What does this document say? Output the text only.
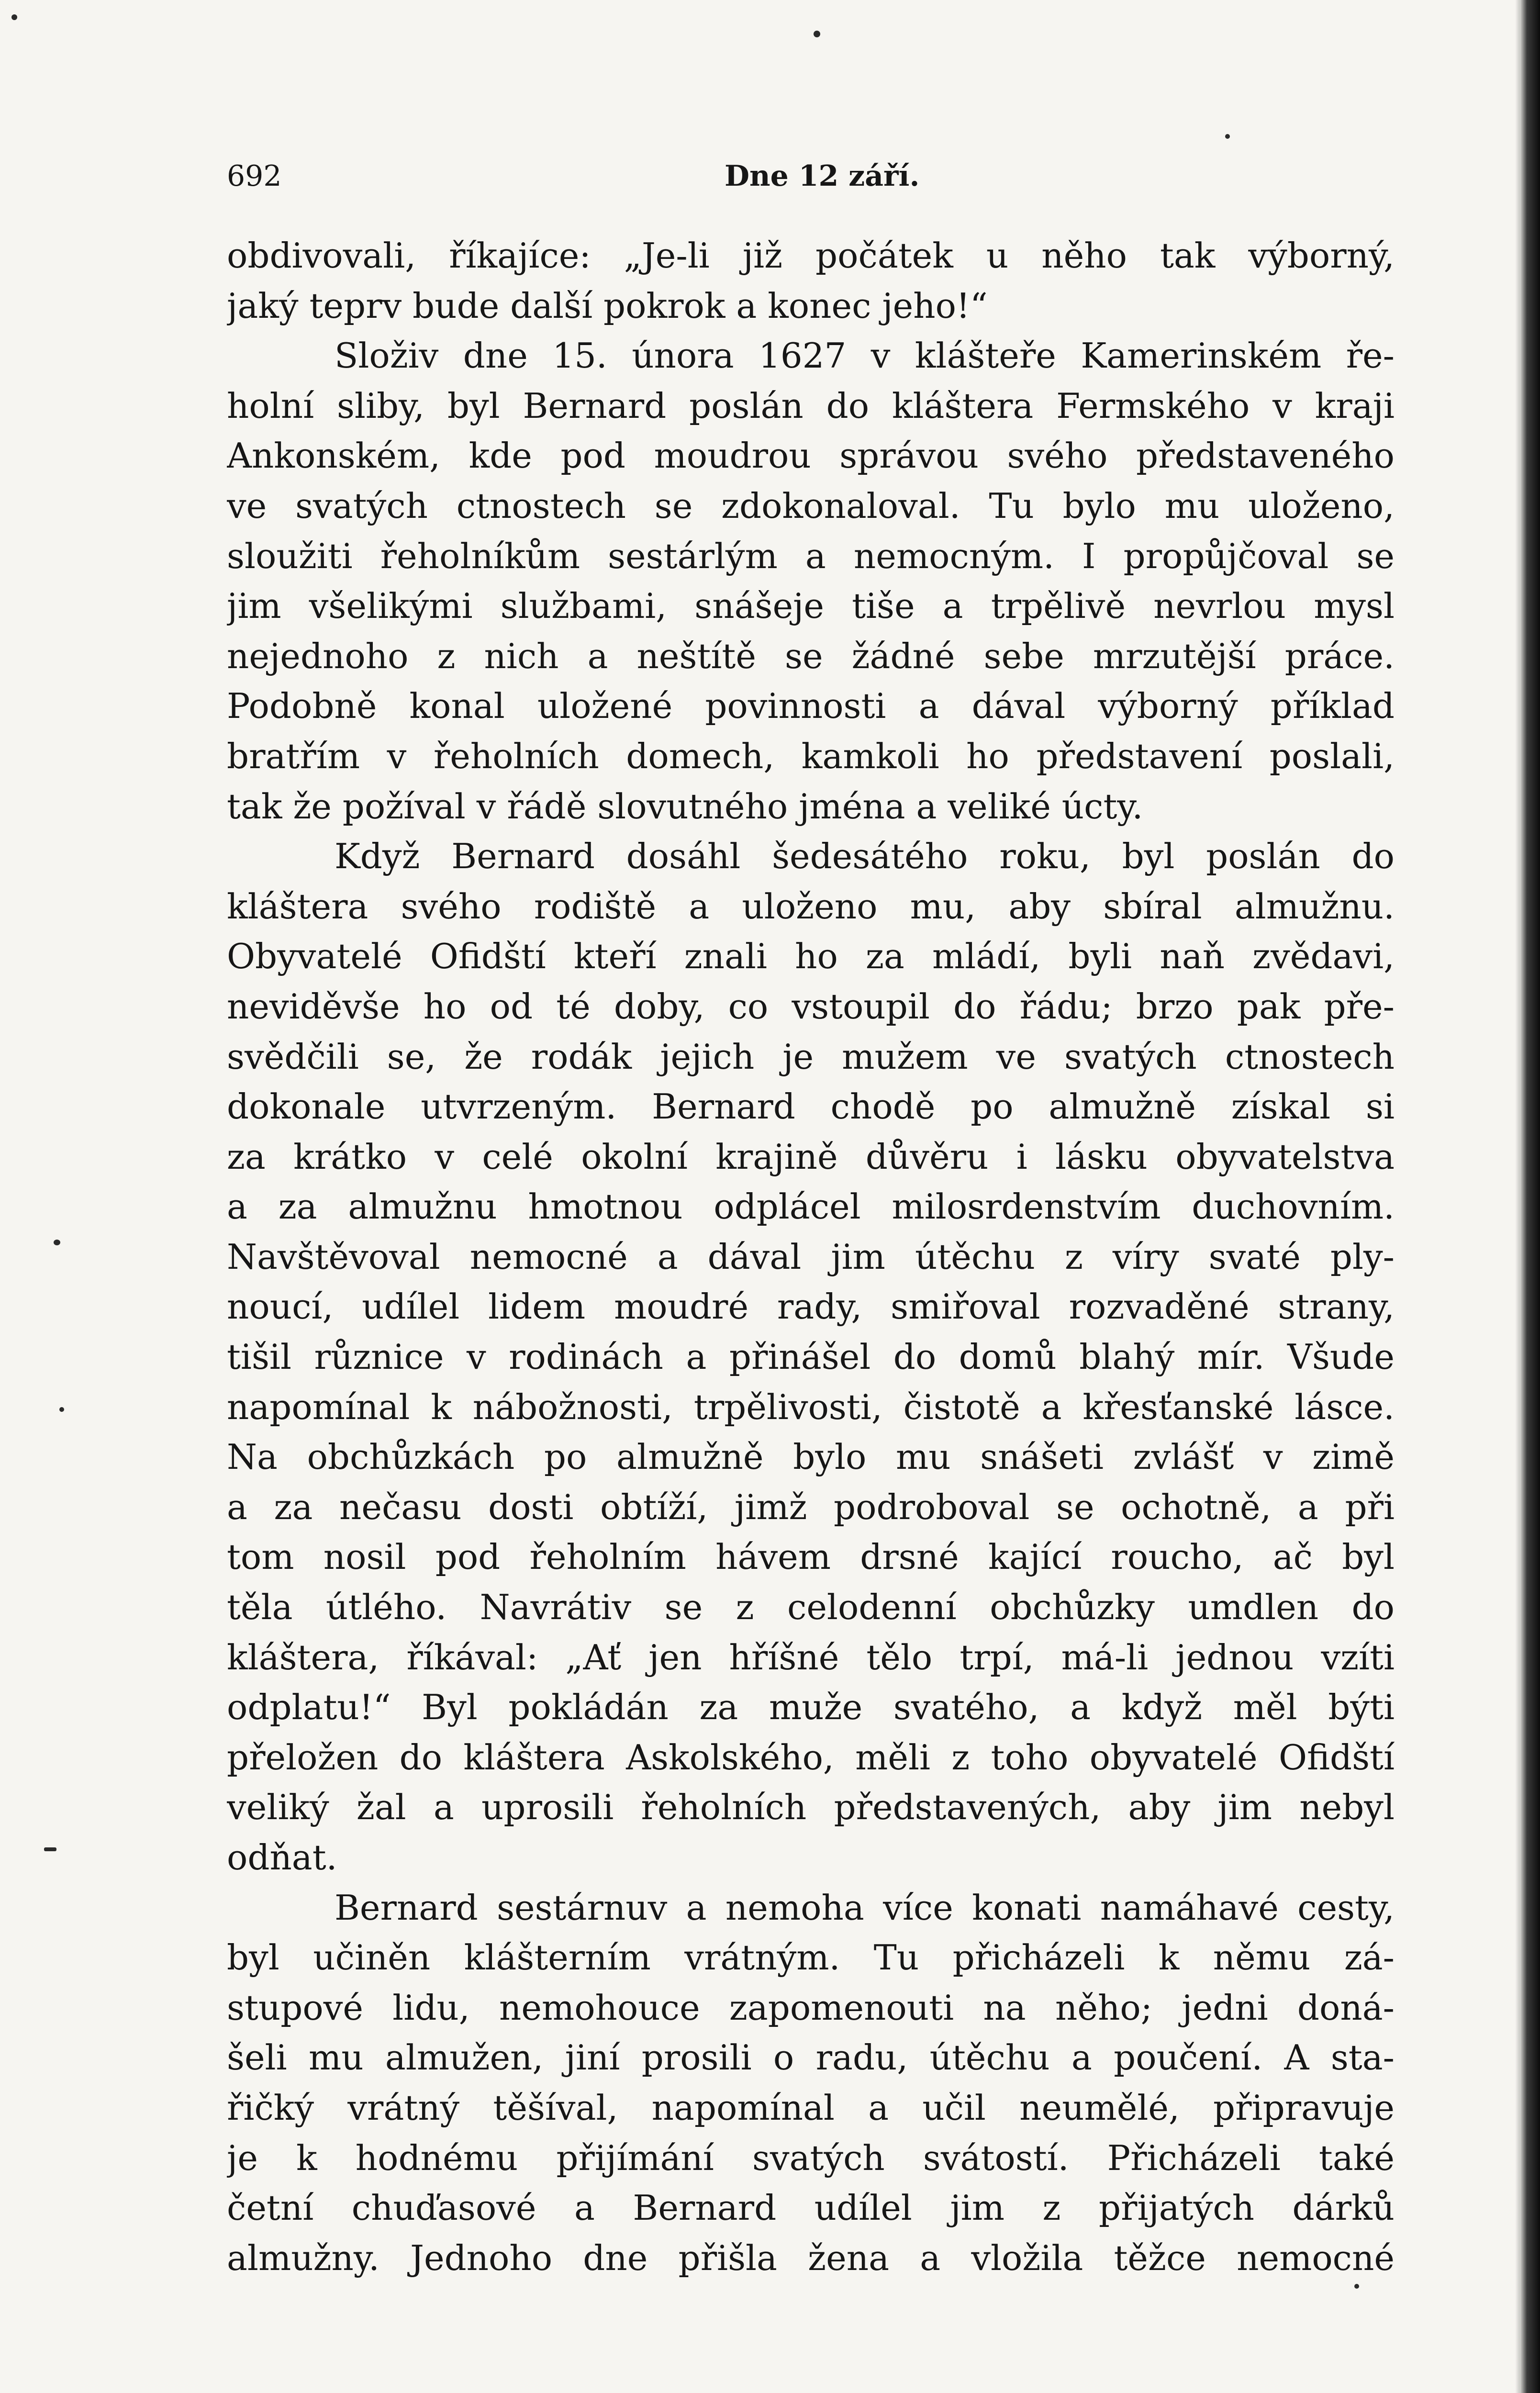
692	Dne 12 září.
obdivovali, říkajíce: „Je-li již počátek u něho tak výborný,
jaký teprv bude další pokrok a konec jeho!“
Složiv dne 15. února 1627 v klášteře Kamerinském ře-
holní sliby, byl Bernard poslán do kláštera Fermského v kraji
Ankonském, kde pod moudrou správou svého představeného
ve svatých ctnostech se zdokonaloval. Tu bylo mu uloženo,
sloužiti řeholníkům sestárlým a nemocným. I propůjčoval se
jim všelikými službami, snášeje tiše a trpělivě nevrlou mysl
nejednoho z nich a neštítě se žádné sebe mrzutější práce.
Podobně konal uložené povinnosti a dával výborný příklad
bratřím v řeholních domech, kamkoli ho představení poslali,
tak že požíval v řádě slovutného jména a veliké úcty.
Když Bernard dosáhl šedesátého roku, byl poslán do
kláštera svého rodiště a uloženo mu, aby sbíral almužnu.
Obyvatelé Ofidští kteří znali ho za mládí, byli naň zvědavi,
neviděvše ho od té doby, co vstoupil do řádu; brzo pak pře-
svědčili se, že rodák jejich je mužem ve svatých ctnostech
dokonale utvrzeným. Bernard chodě po almužně získal si
za krátko v celé okolní krajině důvěru i lásku obyvatelstva
a za almužnu hmotnou odplácel milosrdenstvím duchovním.
Navštěvoval nemocné a dával jim útěchu z víry svaté ply-
noucí, udílel lidem moudré rady, smiřoval rozvaděné strany,
tišil různice v rodinách a přinášel do domů blahý mír. Všude
napomínal k nábožnosti, trpělivosti, čistotě a křesťanské lásce.
Na obchůzkách po almužně bylo mu snášeti zvlášť v zimě
a za nečasu dosti obtíží, jimž podroboval se ochotně, a při
tom nosil pod řeholním hávem drsné kající roucho, ač byl
těla útlého. Navrátiv se z celodenní obchůzky umdlen do
kláštera, říkával: „Ať jen hříšné tělo trpí, má-li jednou vzíti
odplatu!“ Byl pokládán za muže svatého, a když měl býti
přeložen do kláštera Askolského, měli z toho obyvatelé Ofidští
veliký žal a uprosili řeholních představených, aby jim nebyl
odňat.
Bernard sestárnuv a nemoha více konati namáhavé cesty,
byl učiněn klášterním vrátným. Tu přicházeli k němu zá-
stupové lidu, nemohouce zapomenouti na něho; jedni doná-
šeli mu almužen, jiní prosili o radu, útěchu a poučení. A sta-
řičký vrátný těšíval, napomínal a učil neumělé, připravuje
je k hodnému přijímání svatých svátostí. Přicházeli také
četní chuďasové a Bernard udílel jim z přijatých dárků
almužny. Jednoho dne přišla žena a vložila těžce nemocné
